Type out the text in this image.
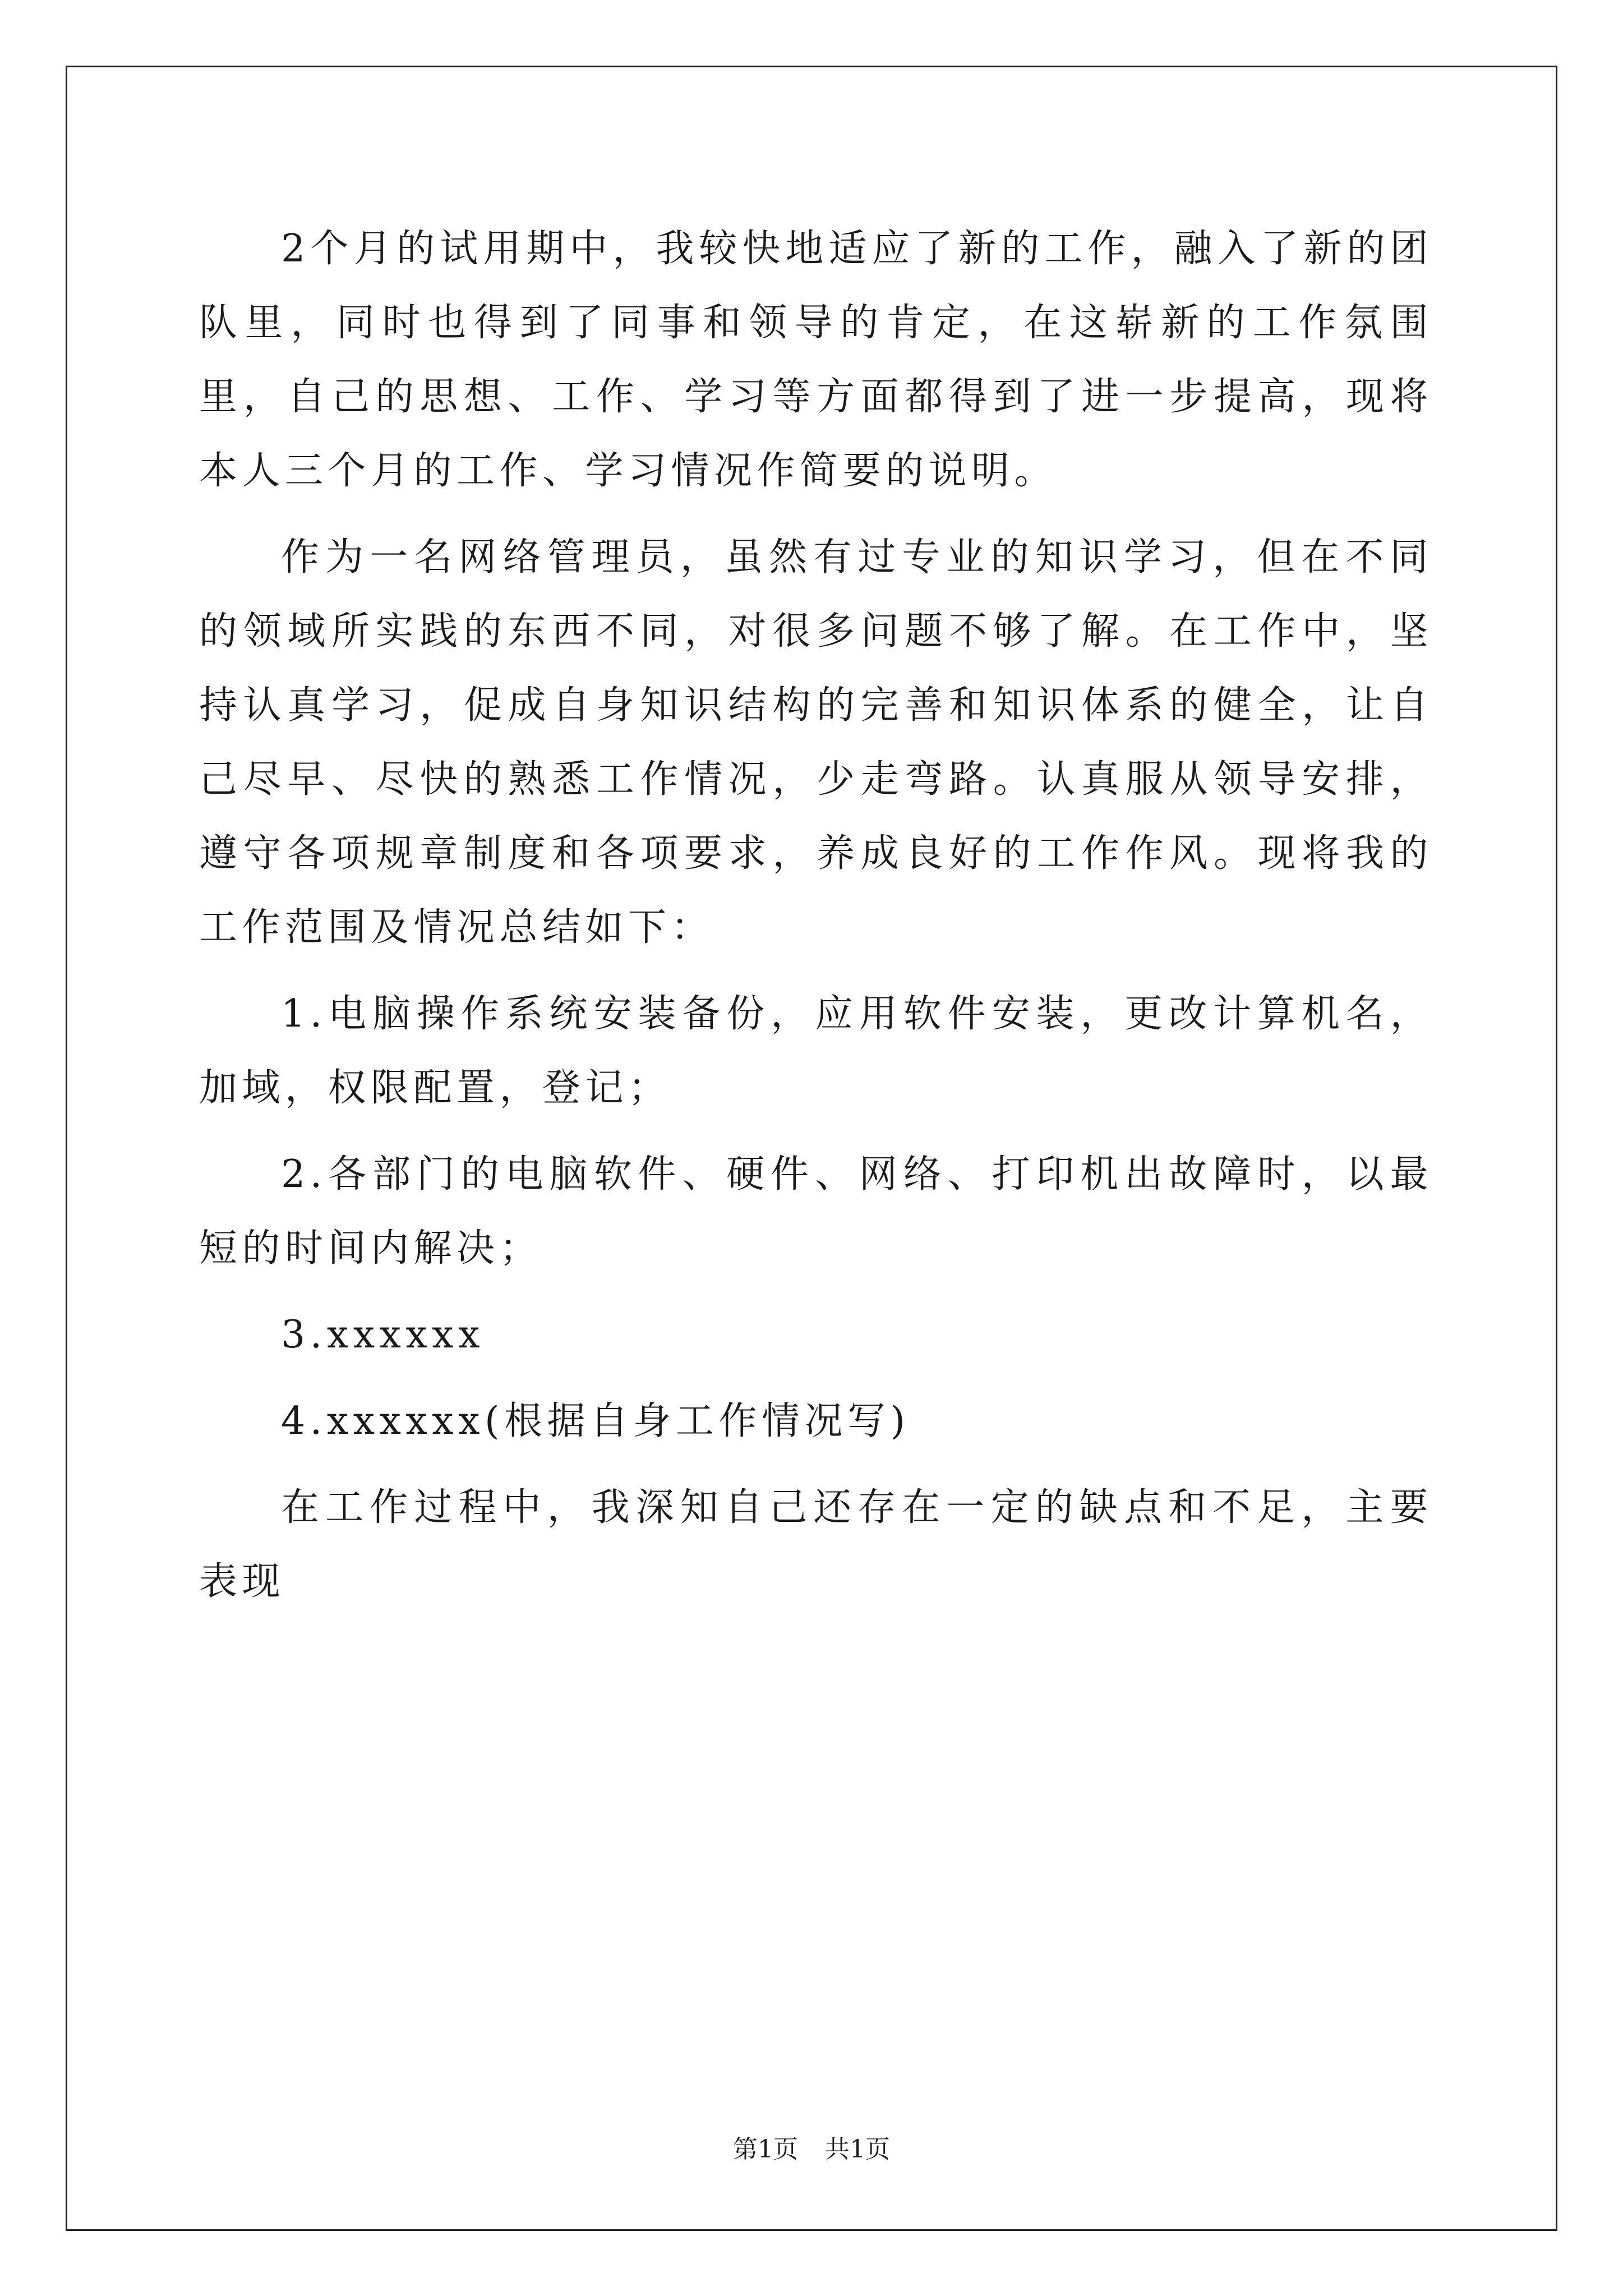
2个月的试用期中，我较快地适应了新的工作，融入了新的团队里，同时也得到了同事和领导的肯定，在这崭新的工作氛围里，自己的思想、工作、学习等方面都得到了进一步提高，现将本人三个月的工作、学习情况作简要的说明。

作为一名网络管理员，虽然有过专业的知识学习，但在不同的领域所实践的东西不同，对很多问题不够了解。在工作中，坚持认真学习，促成自身知识结构的完善和知识体系的健全，让自己尽早、尽快的熟悉工作情况，少走弯路。认真服从领导安排，遵守各项规章制度和各项要求，养成良好的工作作风。现将我的工作范围及情况总结如下：

1.电脑操作系统安装备份，应用软件安装，更改计算机名，加域，权限配置，登记；

2.各部门的电脑软件、硬件、网络、打印机出故障时，以最短的时间内解决；

3.xxxxxx

4.xxxxxx(根据自身工作情况写)

在工作过程中，我深知自己还存在一定的缺点和不足，主要表现

第1页 共1页
